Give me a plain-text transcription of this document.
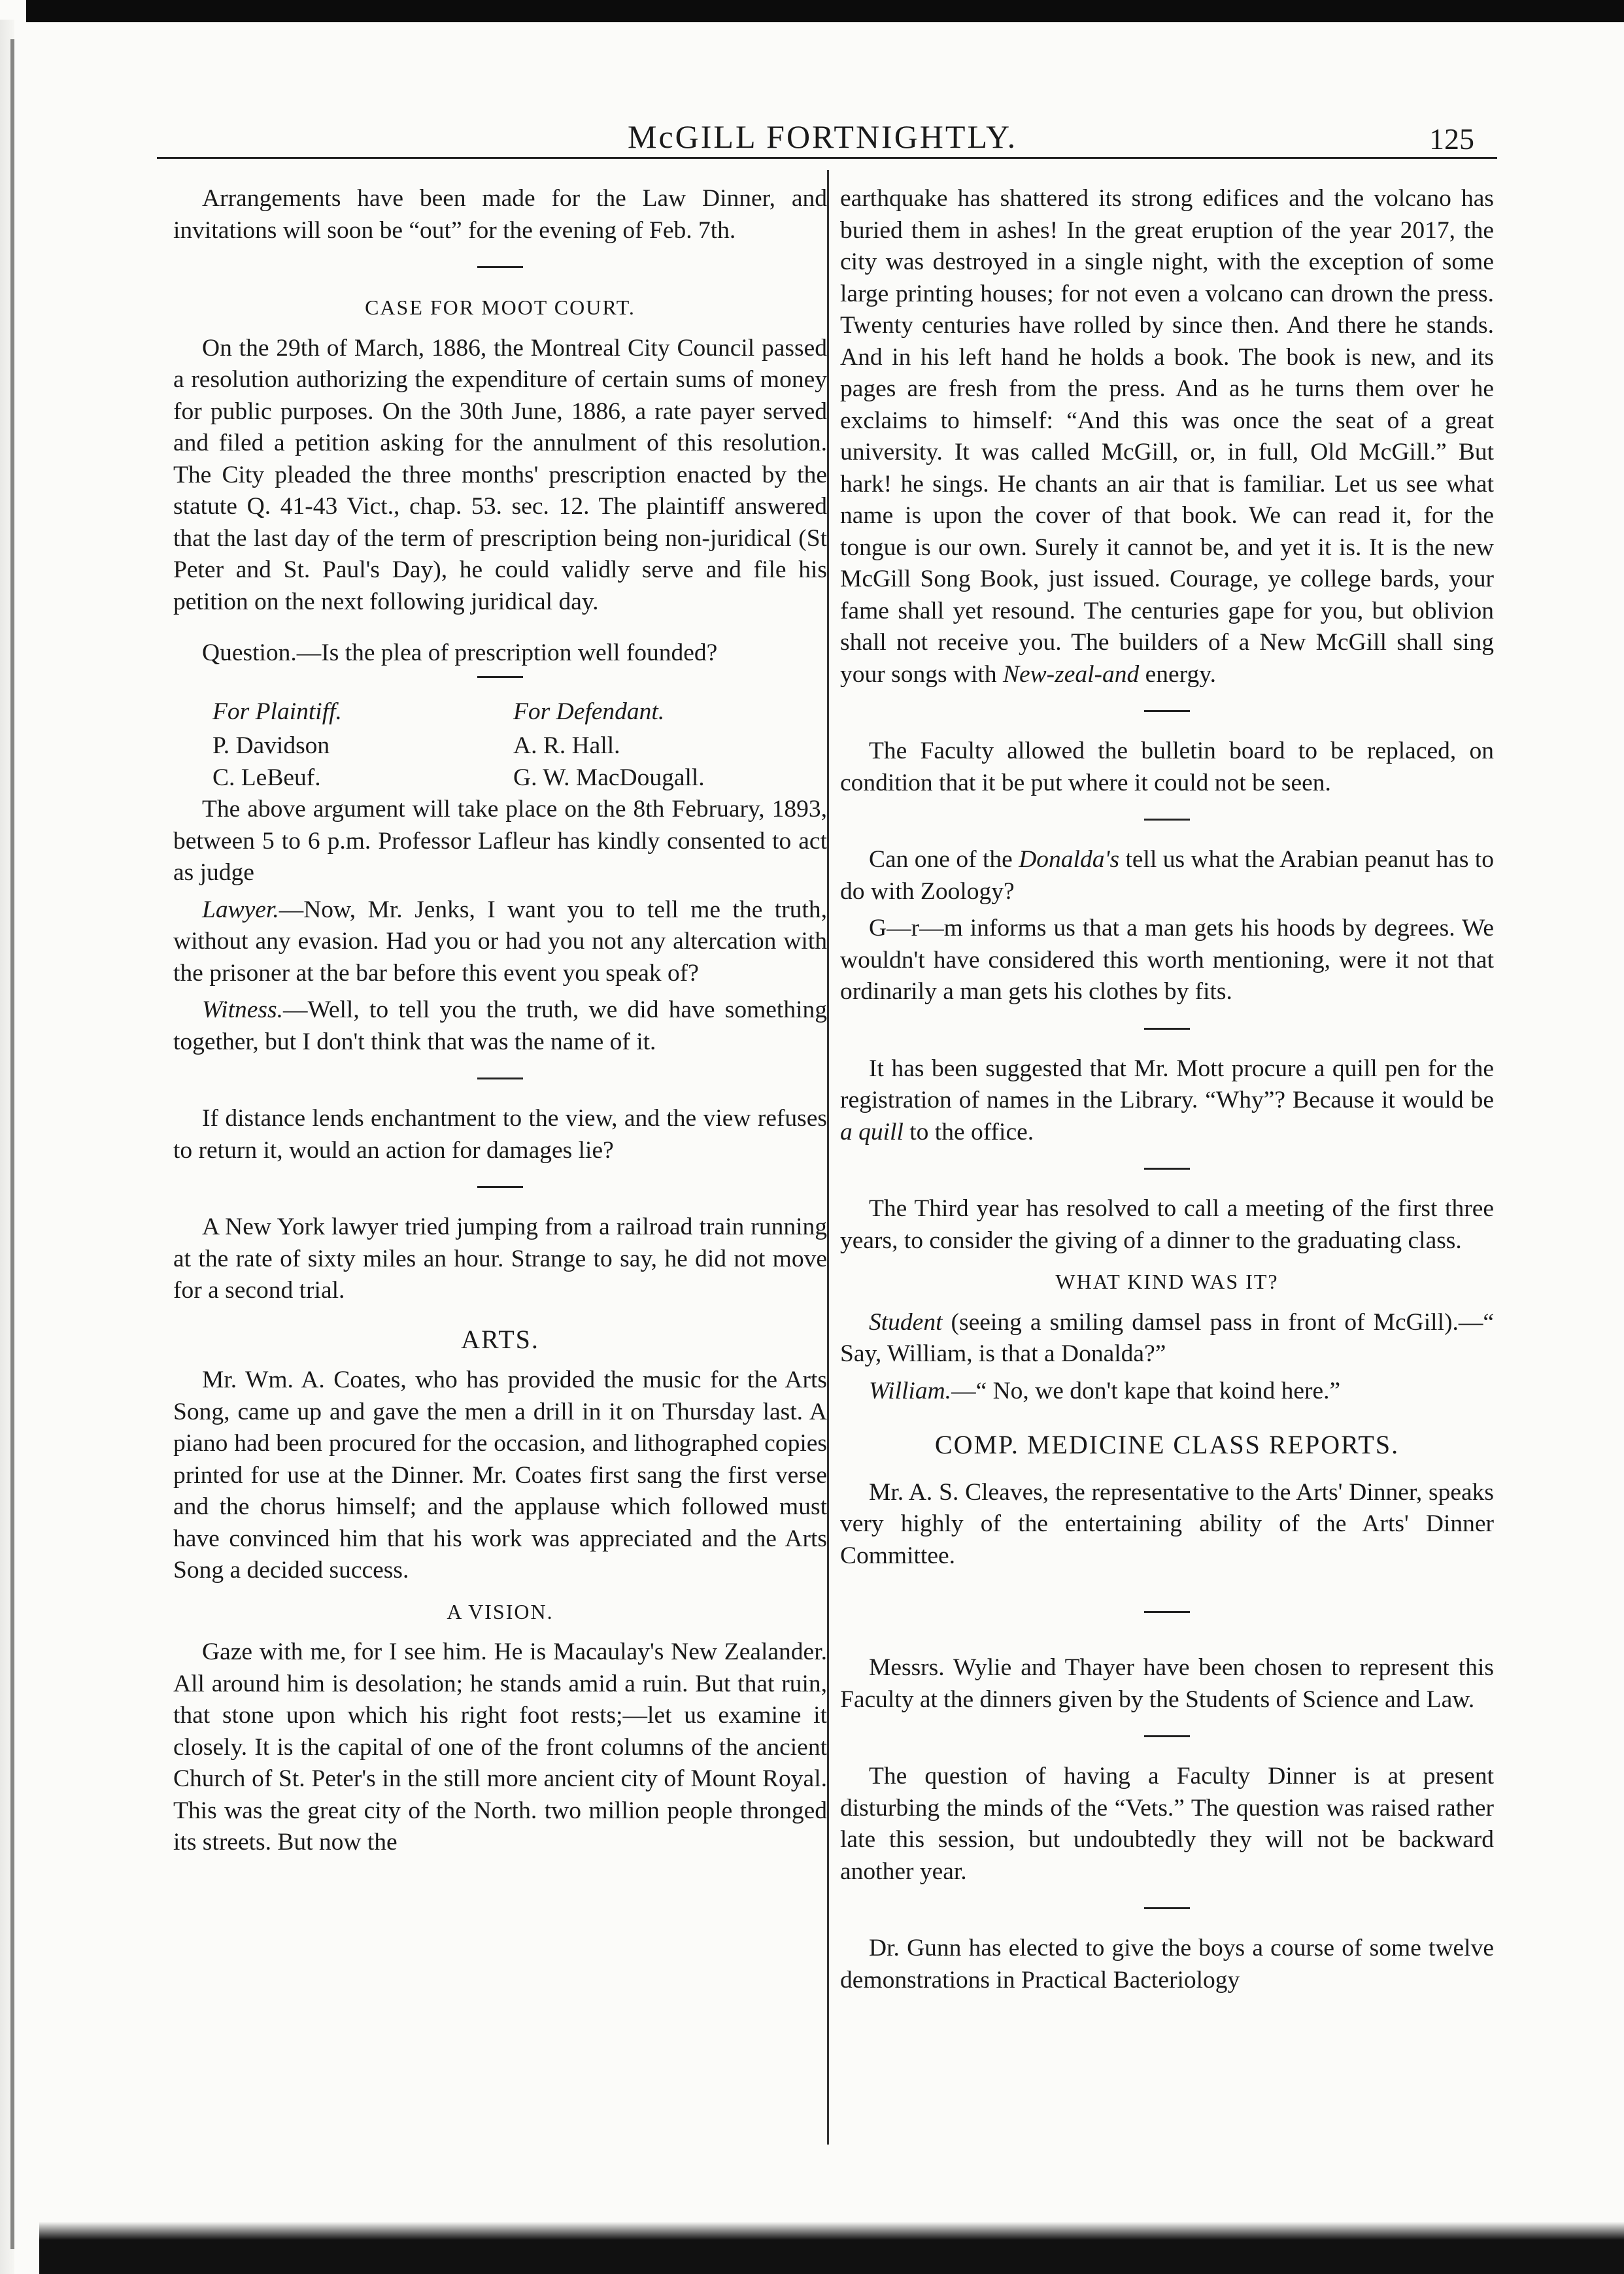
McGILL FORTNIGHTLY.	125

Arrangements have been made for the Law Dinner, and invitations will soon be “out” for the evening of Feb. 7th.

CASE FOR MOOT COURT.

On the 29th of March, 1886, the Montreal City Council passed a resolution authorizing the expenditure of certain sums of money for public purposes. On the 30th June, 1886, a rate payer served and filed a petition asking for the annulment of this resolution. The City pleaded the three months' prescription enacted by the statute Q. 41-43 Vict., chap. 53. sec. 12. The plaintiff answered that the last day of the term of prescription being non-juridical (St Peter and St. Paul's Day), he could validly serve and file his petition on the next following juridical day.

Question.—Is the plea of prescription well founded?

For Plaintiff.
P. Davidson
C. LeBeuf.
For Defendant.
A. R. Hall.
G. W. MacDougall.

The above argument will take place on the 8th February, 1893, between 5 to 6 p.m. Professor Lafleur has kindly consented to act as judge

Lawyer.—Now, Mr. Jenks, I want you to tell me the truth, without any evasion. Had you or had you not any altercation with the prisoner at the bar before this event you speak of?

Witness.—Well, to tell you the truth, we did have something together, but I don't think that was the name of it.

If distance lends enchantment to the view, and the view refuses to return it, would an action for damages lie?

A New York lawyer tried jumping from a railroad train running at the rate of sixty miles an hour. Strange to say, he did not move for a second trial.

ARTS.

Mr. Wm. A. Coates, who has provided the music for the Arts Song, came up and gave the men a drill in it on Thursday last. A piano had been procured for the occasion, and lithographed copies printed for use at the Dinner. Mr. Coates first sang the first verse and the chorus himself; and the applause which followed must have convinced him that his work was appreciated and the Arts Song a decided success.

A VISION.

Gaze with me, for I see him. He is Macaulay's New Zealander. All around him is desolation; he stands amid a ruin. But that ruin, that stone upon which his right foot rests;—let us examine it closely. It is the capital of one of the front columns of the ancient Church of St. Peter's in the still more ancient city of Mount Royal. This was the great city of the North. two million people thronged its streets. But now the

earthquake has shattered its strong edifices and the volcano has buried them in ashes! In the great eruption of the year 2017, the city was destroyed in a single night, with the exception of some large printing houses; for not even a volcano can drown the press. Twenty centuries have rolled by since then. And there he stands. And in his left hand he holds a book. The book is new, and its pages are fresh from the press. And as he turns them over he exclaims to himself: “And this was once the seat of a great university. It was called McGill, or, in full, Old McGill.” But hark! he sings. He chants an air that is familiar. Let us see what name is upon the cover of that book. We can read it, for the tongue is our own. Surely it cannot be, and yet it is. It is the new McGill Song Book, just issued. Courage, ye college bards, your fame shall yet resound. The centuries gape for you, but oblivion shall not receive you. The builders of a New McGill shall sing your songs with New-zeal-and energy.

The Faculty allowed the bulletin board to be replaced, on condition that it be put where it could not be seen.

Can one of the Donalda's tell us what the Arabian peanut has to do with Zoology?

G—r—m informs us that a man gets his hoods by degrees. We wouldn't have considered this worth mentioning, were it not that ordinarily a man gets his clothes by fits.

It has been suggested that Mr. Mott procure a quill pen for the registration of names in the Library. “Why”? Because it would be a quill to the office.

The Third year has resolved to call a meeting of the first three years, to consider the giving of a dinner to the graduating class.

WHAT KIND WAS IT?

Student (seeing a smiling damsel pass in front of McGill).—“ Say, William, is that a Donalda?”

William.—“ No, we don't kape that koind here.”

COMP. MEDICINE CLASS REPORTS.

Mr. A. S. Cleaves, the representative to the Arts' Dinner, speaks very highly of the entertaining ability of the Arts' Dinner Committee.

Messrs. Wylie and Thayer have been chosen to represent this Faculty at the dinners given by the Students of Science and Law.

The question of having a Faculty Dinner is at present disturbing the minds of the “Vets.” The question was raised rather late this session, but undoubtedly they will not be backward another year.

Dr. Gunn has elected to give the boys a course of some twelve demonstrations in Practical Bacteriology
